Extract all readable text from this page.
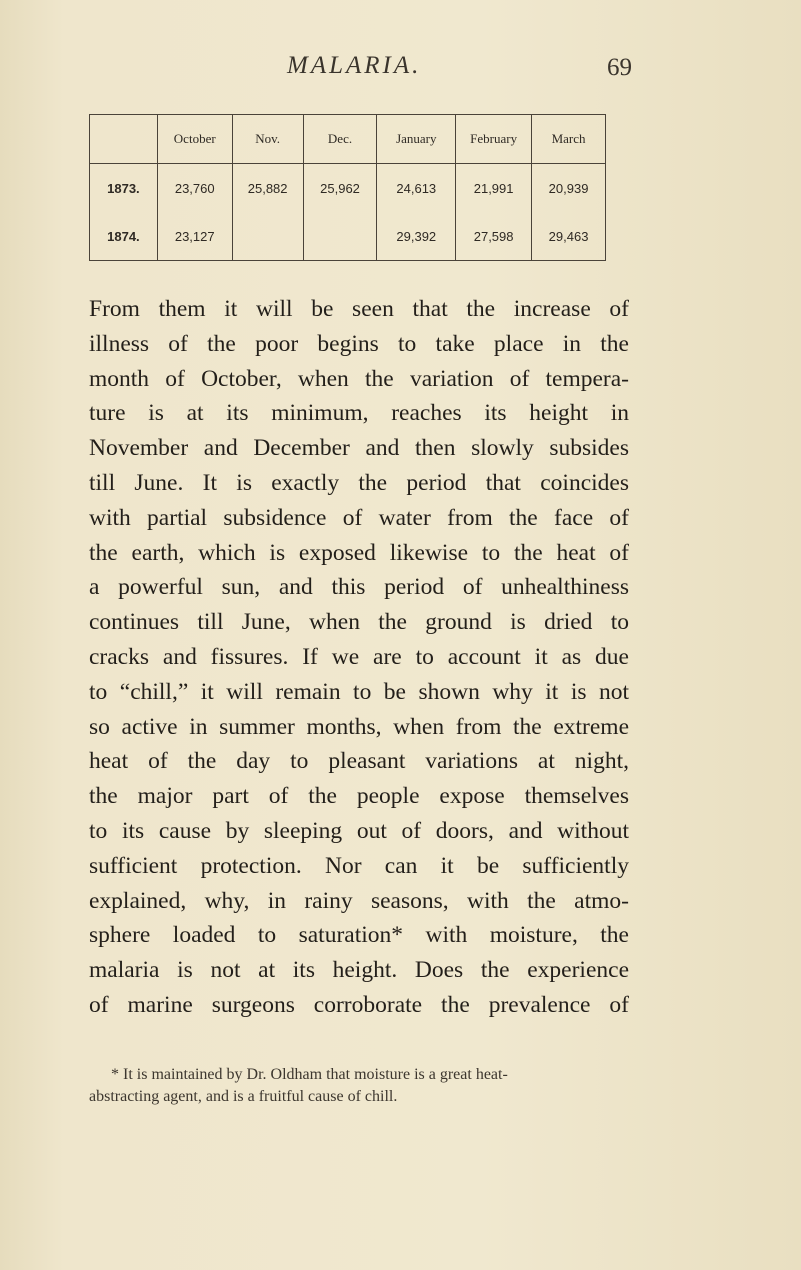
MALARIA.	69
	October	Nov.	Dec.	January	February	March
1873.	23,760	25,882	25,962	24,613	21,991	20,939
1874.	23,127			29,392	27,598	29,463
From them it will be seen that the increase of
illness of the poor begins to take place in the
month of October, when the variation of tempera-
ture is at its minimum, reaches its height in
November and December and then slowly subsides
till June. It is exactly the period that coincides
with partial subsidence of water from the face of
the earth, which is exposed likewise to the heat of
a powerful sun, and this period of unhealthiness
continues till June, when the ground is dried to
cracks and fissures. If we are to account it as due
to “chill,” it will remain to be shown why it is not
so active in summer months, when from the extreme
heat of the day to pleasant variations at night,
the major part of the people expose themselves
to its cause by sleeping out of doors, and without
sufficient protection. Nor can it be sufficiently
explained, why, in rainy seasons, with the atmo-
sphere loaded to saturation* with moisture, the
malaria is not at its height. Does the experience
of marine surgeons corroborate the prevalence of
* It is maintained by Dr. Oldham that moisture is a great heat-
abstracting agent, and is a fruitful cause of chill.
